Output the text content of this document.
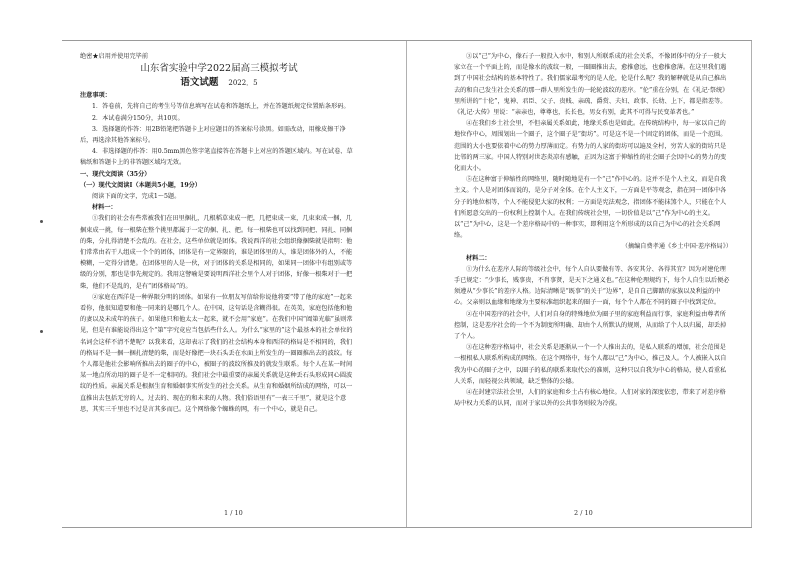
绝密★启用并使用完毕前

山东省实验中学2022届高三模拟考试

语文试题 2022．5

注意事项：

1．答卷前，先将自己的考生号等信息填写在试卷和答题纸上，并在答题纸规定位置贴条形码。

2．本试卷满分150分，共10页。

3．选择题的作答：用2B铅笔把答题卡上对应题目的答案标号涂黑。如需改动，用橡皮擦干净后，再选涂其他答案标号。

4．非选择题的作答：用0.5mm黑色签字笔直接答在答题卡上对应的答题区域内。写在试卷、草稿纸和答题卡上的非答题区域均无效。

一、现代文阅读（35分）

（一）现代文阅读Ⅰ（本题共5小题，19分）

阅读下面的文字，完成1～5题。

材料一：

①我们的社会有些常被我们在田里捆扎，几根稻草束成一把，几把束成一束，几束束成一捆，几捆束成一挑，每一根柴在整个挑里都属于一定的捆、扎、把。每一根柴也可以找到同把、同扎、同捆的柴，分扎得清楚不会乱的。在社会，这些单位就是团体。我说西洋的社会组织像捆柴就是指明：他们常常由若干人组成一个个的团体，团体是有一定界限的，谁是团体里的人，谁是团体外的人，不能模糊，一定得分清楚。在团体里的人是一伙，对于团体的关系是相同的，如果同一团体中有组别或等级的分别，那也是事先规定的。我用这譬喻是要说明西洋社会里个人对于团体，好像一根柴对于一把柴，他们不是乱的，是有“团体格局”的。

②家庭在西洋是一种界限分明的团体。如果有一位朋友写信给你说他将要“带了他的家庭”一起来看你，他很知道要和他一同来的是哪几个人。在中国，这句话是含糊得很。在英美，家庭包括他和他的妻以及未成年的孩子。如果他只和他太太一起来，就不会用“家庭”。在我们中国“阖第光临”虽则常见，但是有谁能说得出这个“第”字究竟应当包括些什么人。为什么“家里的”这个最基本的社会单位的名词会这样不清不楚呢？以我来看，这却表示了我们的社会结构本身和西洋的格局是不相同的，我们的格局不是一捆一捆扎清楚的柴，而是好像把一块石头丢在水面上所发生的一圈圈推出去的波纹。每个人都是他社会影响所推出去的圈子的中心，被圈子的波纹所推及的就发生联系。每个人在某一时间某一地点所动用的圈子是不一定相同的。我们社会中最重要的亲属关系就是这种丢石头形成同心圆波纹的性质。亲属关系是根据生育和婚姻事实所发生的社会关系。从生育和婚姻所结成的网络，可以一直推出去包括无穷的人，过去的、现在的和未来的人物。我们俗语里有“一表三千里”，就是这个意思，其实三千里也不过是言其多而已。这个网络像个蜘蛛的网，有一个中心，就是自己。

③以“己”为中心，像石子一般投入水中，和别人所联系成的社会关系，不像团体中的分子一般大家立在一个平面上的，而是像水的波纹一般，一圈圈推出去，愈推愈远，也愈推愈薄。在这里我们遇到了中国社会结构的基本特性了。我们儒家最考究的是人伦，伦是什么呢？我的解释就是从自己推出去的和自己发生社会关系的那一群人里所发生的一轮轮波纹的差序。“伦”重在分别，在《礼记·祭统》里所讲的“十伦”，鬼神、君臣、父子、贵贱、亲疏、爵赏、夫妇、政事、长幼、上下，都是指差等。《礼记·大传》里说：“亲亲也，尊尊也，长长也，男女有别，此其不可得与民变革者也。”

④在我们乡土社会里，不但亲属关系如此，地缘关系也是如此。在传统结构中，每一家以自己的地位作中心，周围划出一个圈子，这个圈子是“街坊”。可是这不是一个固定的团体，而是一个范围。范围的大小也要依着中心的势力厚薄而定。有势力的人家的街坊可以遍及全村，穷苦人家的街坊只是比邻的两三家。中国人特别对世态炎凉有感触，正因为这富于伸缩性的社会圈子会因中心的势力的变化而大小。

⑤在这种富于伸缩性的网络里，随时随地是有一个“己”作中心的。这并不是个人主义，而是自我主义。个人是对团体而说的，是分子对全体。在个人主义下，一方面是平等观念，指在同一团体中各分子的地位相等，个人不能侵犯大家的权利；一方面是宪法观念，指团体不能抹煞个人，只能在个人们所愿意交出的一份权利上控制个人。在我们传统社会里，一切价值是以“己”作为中心的主义。以“己”为中心，这是一个差序格局中的一种事实，即利用这个所形成的以自己为中心的社会关系网络。

（摘编自费孝通《乡土中国·差序格局》）

材料二：

①为什么在差序人际的等级社会中，每个人自认要做有等、各安其分、各得其宜？因为对建伦理手已规定：“少事长，贱事贵，不肖事贤，是天下之通义也。”在这种伦理规约下，每个人自生以后便必须遵从“少事长”的差序人格。边际清晰是“既事”的关于“边界”，是自自己脚踏的家族以及利益的中心。父亲则以血缘和地缘为主要标准组织起来的圈子一面，每个个人都在不同的圈子中找到定位。

②在中国差序的社会中，人们对自身的特殊地位为圈子里的家庭利益而行事，家庭利益由尊者所控制，这是差序社会的一个不为制度所明确、却由个人所默认的规则，从而给了个人以归属，却丢掉了个人。

③在这种差序格局中，社会关系是逐渐从一个一个人推出去的，是私人联系的增加，社会范围是一根根私人联系所构成的网络。在这个网络中，每个人都以“己”为中心，推己及人。个人被嵌入以自我为中心的圈子之中，以圈子的私的联系来取代公的准则，这种只以自我为中心的格局，使人看重私人关系，而轻视公共领域，缺乏整体的公德。

④在封建宗法社会里，人们的家庭和乡土占有核心地位。人们对家的深度依恋，带来了对差序格局中权力关系的认同，而对于家以外的公共事务则较为冷漠。

1 / 10	2 / 10
